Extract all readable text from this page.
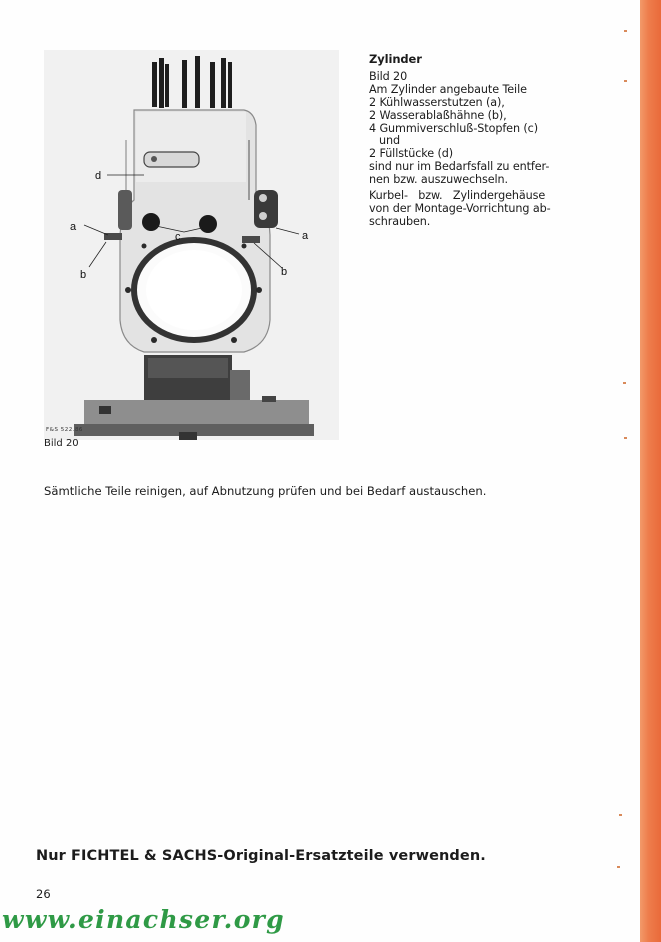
d
a
b
c	a
b
F&S 522.86
Bild 20
Zylinder
Bild 20
Am Zylinder angebaute Teile
2 Kühlwasserstutzen (a),
2 Wasserablaßhähne (b),
4 Gummiverschluß-Stopfen (c)
und
2 Füllstücke (d)
sind nur im Bedarfsfall zu entfer-
nen bzw. auszuwechseln.
Kurbel-   bzw.   Zylindergehäuse
von der Montage-Vorrichtung ab-
schrauben.
Sämtliche Teile reinigen, auf Abnutzung prüfen und bei Bedarf austauschen.
Nur FICHTEL & SACHS-Original-Ersatzteile verwenden.
26
www.einachser.org
